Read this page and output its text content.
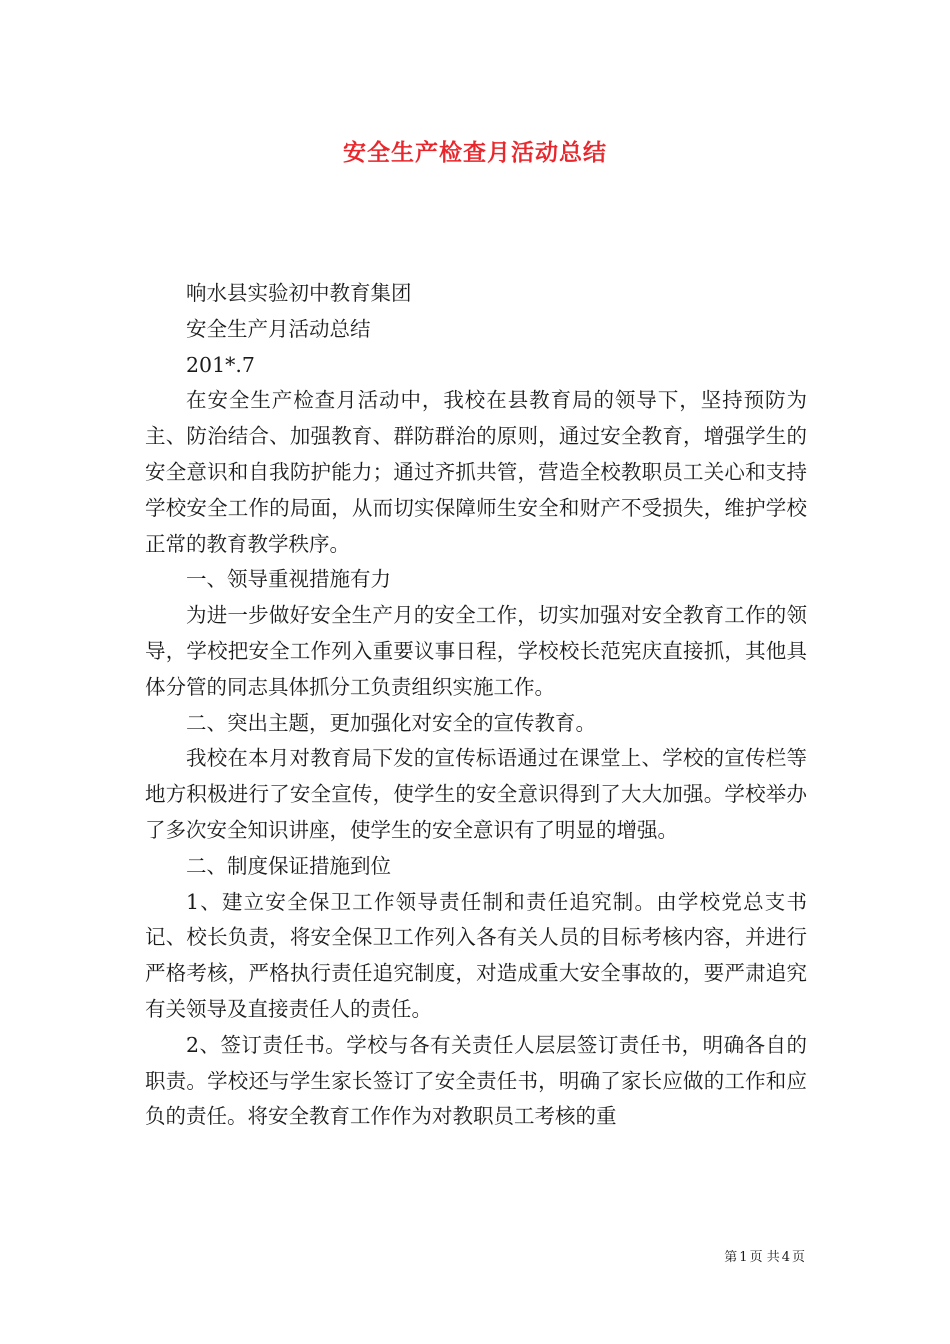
安全生产检查月活动总结

响水县实验初中教育集团

安全生产月活动总结

201*.7

在安全生产检查月活动中，我校在县教育局的领导下，坚持预防为主、防治结合、加强教育、群防群治的原则，通过安全教育，增强学生的安全意识和自我防护能力；通过齐抓共管，营造全校教职员工关心和支持学校安全工作的局面，从而切实保障师生安全和财产不受损失，维护学校正常的教育教学秩序。

一、领导重视措施有力

为进一步做好安全生产月的安全工作，切实加强对安全教育工作的领导，学校把安全工作列入重要议事日程，学校校长范宪庆直接抓，其他具体分管的同志具体抓分工负责组织实施工作。

二、突出主题，更加强化对安全的宣传教育。

我校在本月对教育局下发的宣传标语通过在课堂上、学校的宣传栏等地方积极进行了安全宣传，使学生的安全意识得到了大大加强。学校举办了多次安全知识讲座，使学生的安全意识有了明显的增强。

二、制度保证措施到位

1、建立安全保卫工作领导责任制和责任追究制。由学校党总支书记、校长负责，将安全保卫工作列入各有关人员的目标考核内容，并进行严格考核，严格执行责任追究制度，对造成重大安全事故的，要严肃追究有关领导及直接责任人的责任。

2、签订责任书。学校与各有关责任人层层签订责任书，明确各自的职责。学校还与学生家长签订了安全责任书，明确了家长应做的工作和应负的责任。将安全教育工作作为对教职员工考核的重

第 1 页 共 4 页
